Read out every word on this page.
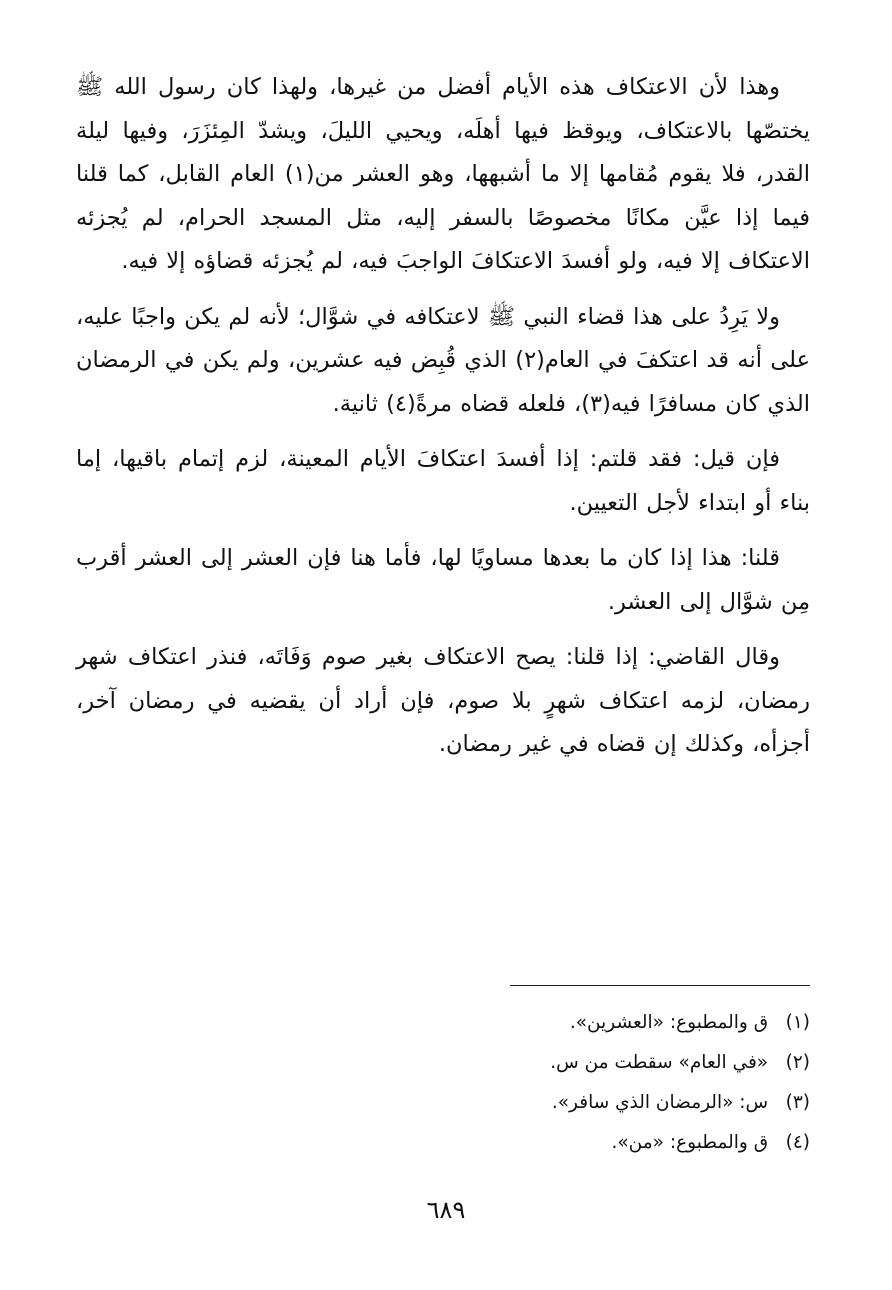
وهذا لأن الاعتكاف هذه الأيام أفضل من غيرها، ولهذا كان رسول الله ﷺ يختصّها بالاعتكاف، ويوقظ فيها أهلَه، ويحيي الليلَ، ويشدّ المِئزَرَ، وفيها ليلة القدر، فلا يقوم مُقامها إلا ما أشبهها، وهو العشر من(١) العام القابل، كما قلنا فيما إذا عيَّن مكانًا مخصوصًا بالسفر إليه، مثل المسجد الحرام، لم يُجزئه الاعتكاف إلا فيه، ولو أفسدَ الاعتكافَ الواجبَ فيه، لم يُجزئه قضاؤه إلا فيه.

ولا يَرِدُ على هذا قضاء النبي ﷺ لاعتكافه في شوَّال؛ لأنه لم يكن واجبًا عليه، على أنه قد اعتكفَ في العام(٢) الذي قُبِض فيه عشرين، ولم يكن في الرمضان الذي كان مسافرًا فيه(٣)، فلعله قضاه مرةً(٤) ثانية.

فإن قيل: فقد قلتم: إذا أفسدَ اعتكافَ الأيام المعينة، لزم إتمام باقيها، إما بناء أو ابتداء لأجل التعيين.

قلنا: هذا إذا كان ما بعدها مساويًا لها، فأما هنا فإن العشر إلى العشر أقرب مِن شوَّال إلى العشر.

وقال القاضي: إذا قلنا: يصح الاعتكاف بغير صوم وَفَاتَه، فنذر اعتكاف شهر رمضان، لزمه اعتكاف شهرٍ بلا صوم، فإن أراد أن يقضيه في رمضان آخر، أجزأه، وكذلك إن قضاه في غير رمضان.

(١) ق والمطبوع: «العشرين».
(٢) «في العام» سقطت من س.
(٣) س: «الرمضان الذي سافر».
(٤) ق والمطبوع: «من».
٦٨٩
